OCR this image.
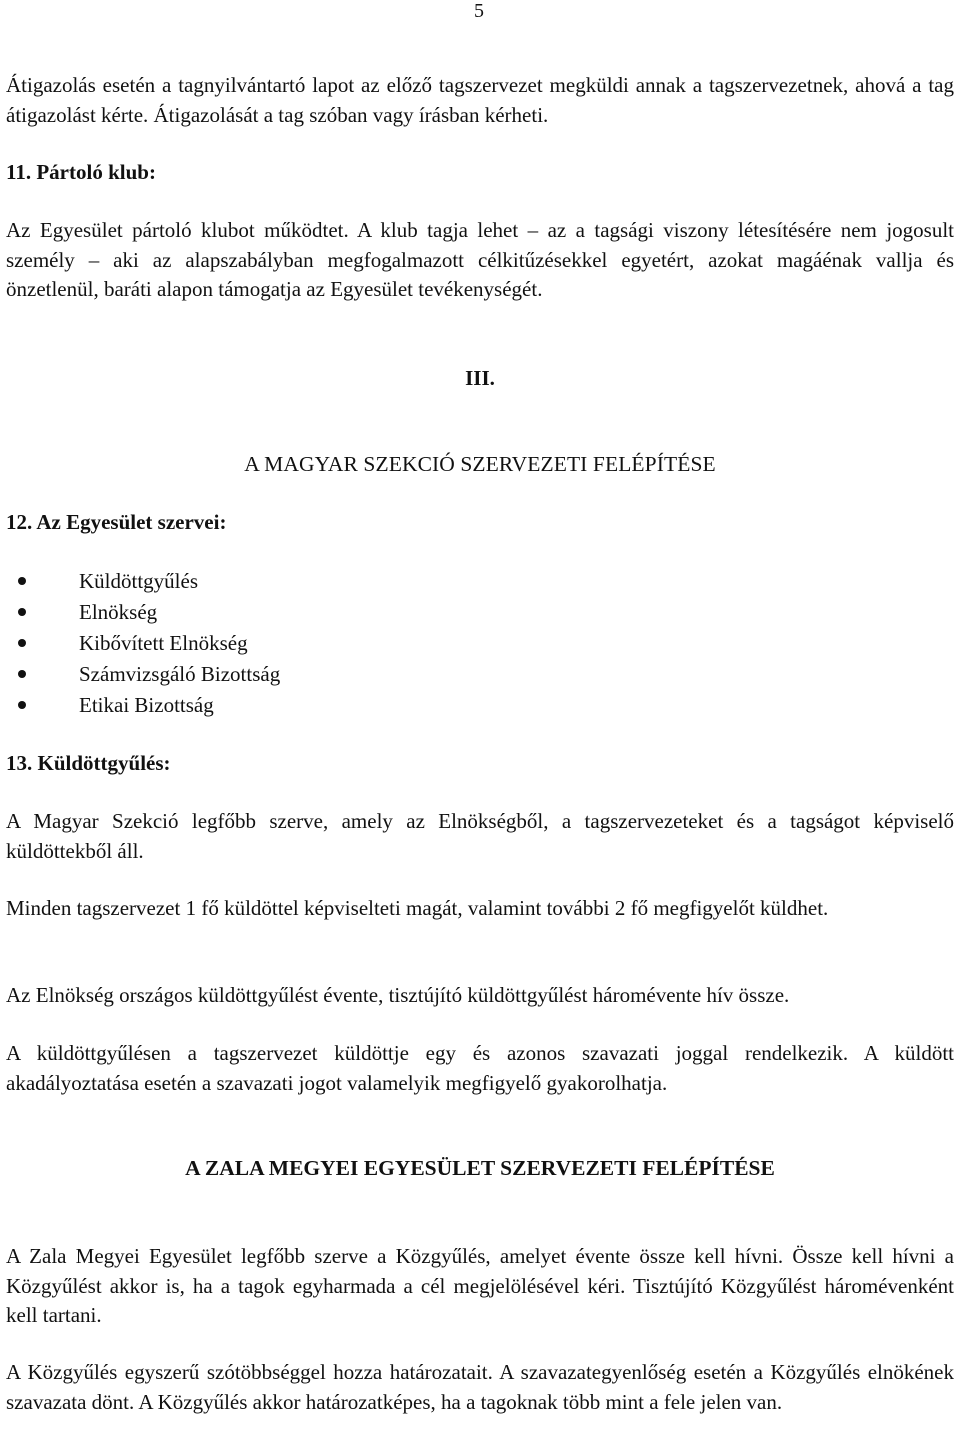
5

Átigazolás esetén a tagnyilvántartó lapot az előző tagszervezet megküldi annak a tagszervezetnek, ahová a tag átigazolást kérte. Átigazolását a tag szóban vagy írásban kérheti.

11. Pártoló klub:

Az Egyesület pártoló klubot működtet. A klub tagja lehet – az a tagsági viszony létesítésére nem jogosult személy – aki az alapszabályban megfogalmazott célkitűzésekkel egyetért, azokat magáénak vallja és önzetlenül, baráti alapon támogatja az Egyesület tevékenységét.

III.
A MAGYAR SZEKCIÓ SZERVEZETI FELÉPÍTÉSE
12. Az Egyesület szervei:
Küldöttgyűlés
Elnökség
Kibővített Elnökség
Számvizsgáló Bizottság
Etikai Bizottság
13. Küldöttgyűlés:

A Magyar Szekció legfőbb szerve, amely az Elnökségből, a tagszervezeteket és a tagságot képviselő küldöttekből áll.

Minden tagszervezet 1 fő küldöttel képviselteti magát, valamint további 2 fő megfigyelőt küldhet.

Az Elnökség országos küldöttgyűlést évente, tisztújító küldöttgyűlést háromévente hív össze.

A küldöttgyűlésen a tagszervezet küldöttje egy és azonos szavazati joggal rendelkezik. A küldött akadályoztatása esetén a szavazati jogot valamelyik megfigyelő gyakorolhatja.

A ZALA MEGYEI EGYESÜLET SZERVEZETI FELÉPÍTÉSE

A Zala Megyei Egyesület legfőbb szerve a Közgyűlés, amelyet évente össze kell hívni. Össze kell hívni a Közgyűlést akkor is, ha a tagok egyharmada a cél megjelölésével kéri. Tisztújító Közgyűlést háromévenként kell tartani.

A Közgyűlés egyszerű szótöbbséggel hozza határozatait. A szavazategyenlőség esetén a Közgyűlés elnökének szavazata dönt. A Közgyűlés akkor határozatképes, ha a tagoknak több mint a fele jelen van.
